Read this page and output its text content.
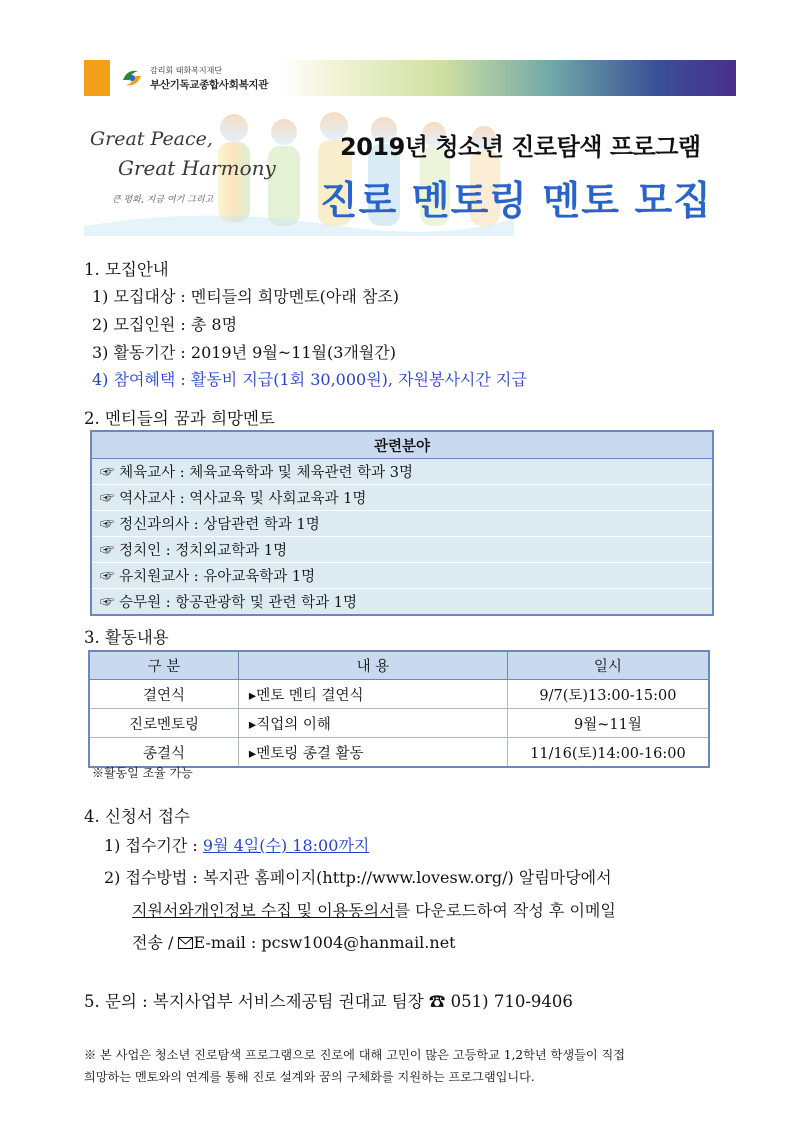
감리회 태화복지재단
부산기독교종합사회복지관
Great Peace,
Great Harmony
큰 평화, 지금 여기 그리고
2019년 청소년 진로탐색 프로그램
진로 멘토링 멘토 모집
1. 모집안내
1) 모집대상 : 멘티들의 희망멘토(아래 참조)
2) 모집인원 : 총 8명
3) 활동기간 : 2019년 9월~11월(3개월간)
4) 참여혜택 : 활동비 지급(1회 30,000원), 자원봉사시간 지급
2. 멘티들의 꿈과 희망멘토
관련분야
☞ 체육교사 : 체육교육학과 및 체육관련 학과 3명
☞ 역사교사 : 역사교육 및 사회교육과 1명
☞ 정신과의사 : 상담관련 학과 1명
☞ 정치인 : 정치외교학과 1명
☞ 유치원교사 : 유아교육학과 1명
☞ 승무원 : 항공관광학 및 관련 학과 1명
3. 활동내용
구 분	내 용	일시
결연식	▸멘토 멘티 결연식	9/7(토)13:00-15:00
진로멘토링	▸직업의 이해	9월~11월
종결식	▸멘토링 종결 활동	11/16(토)14:00-16:00
※활동일 조율 가능
4. 신청서 접수
1) 접수기간 : 9월 4일(수) 18:00까지
2) 접수방법 : 복지관 홈페이지(http://www.lovesw.org/) 알림마당에서
지원서와개인정보 수집 및 이용동의서를 다운로드하여 작성 후 이메일
전송 / E-mail : pcsw1004@hanmail.net
5. 문의 : 복지사업부 서비스제공팀 권대교 팀장 ☎ 051) 710-9406
※ 본 사업은 청소년 진로탐색 프로그램으로 진로에 대해 고민이 많은 고등학교 1,2학년 학생들이 직접
희망하는 멘토와의 연계를 통해 진로 설계와 꿈의 구체화를 지원하는 프로그램입니다.
